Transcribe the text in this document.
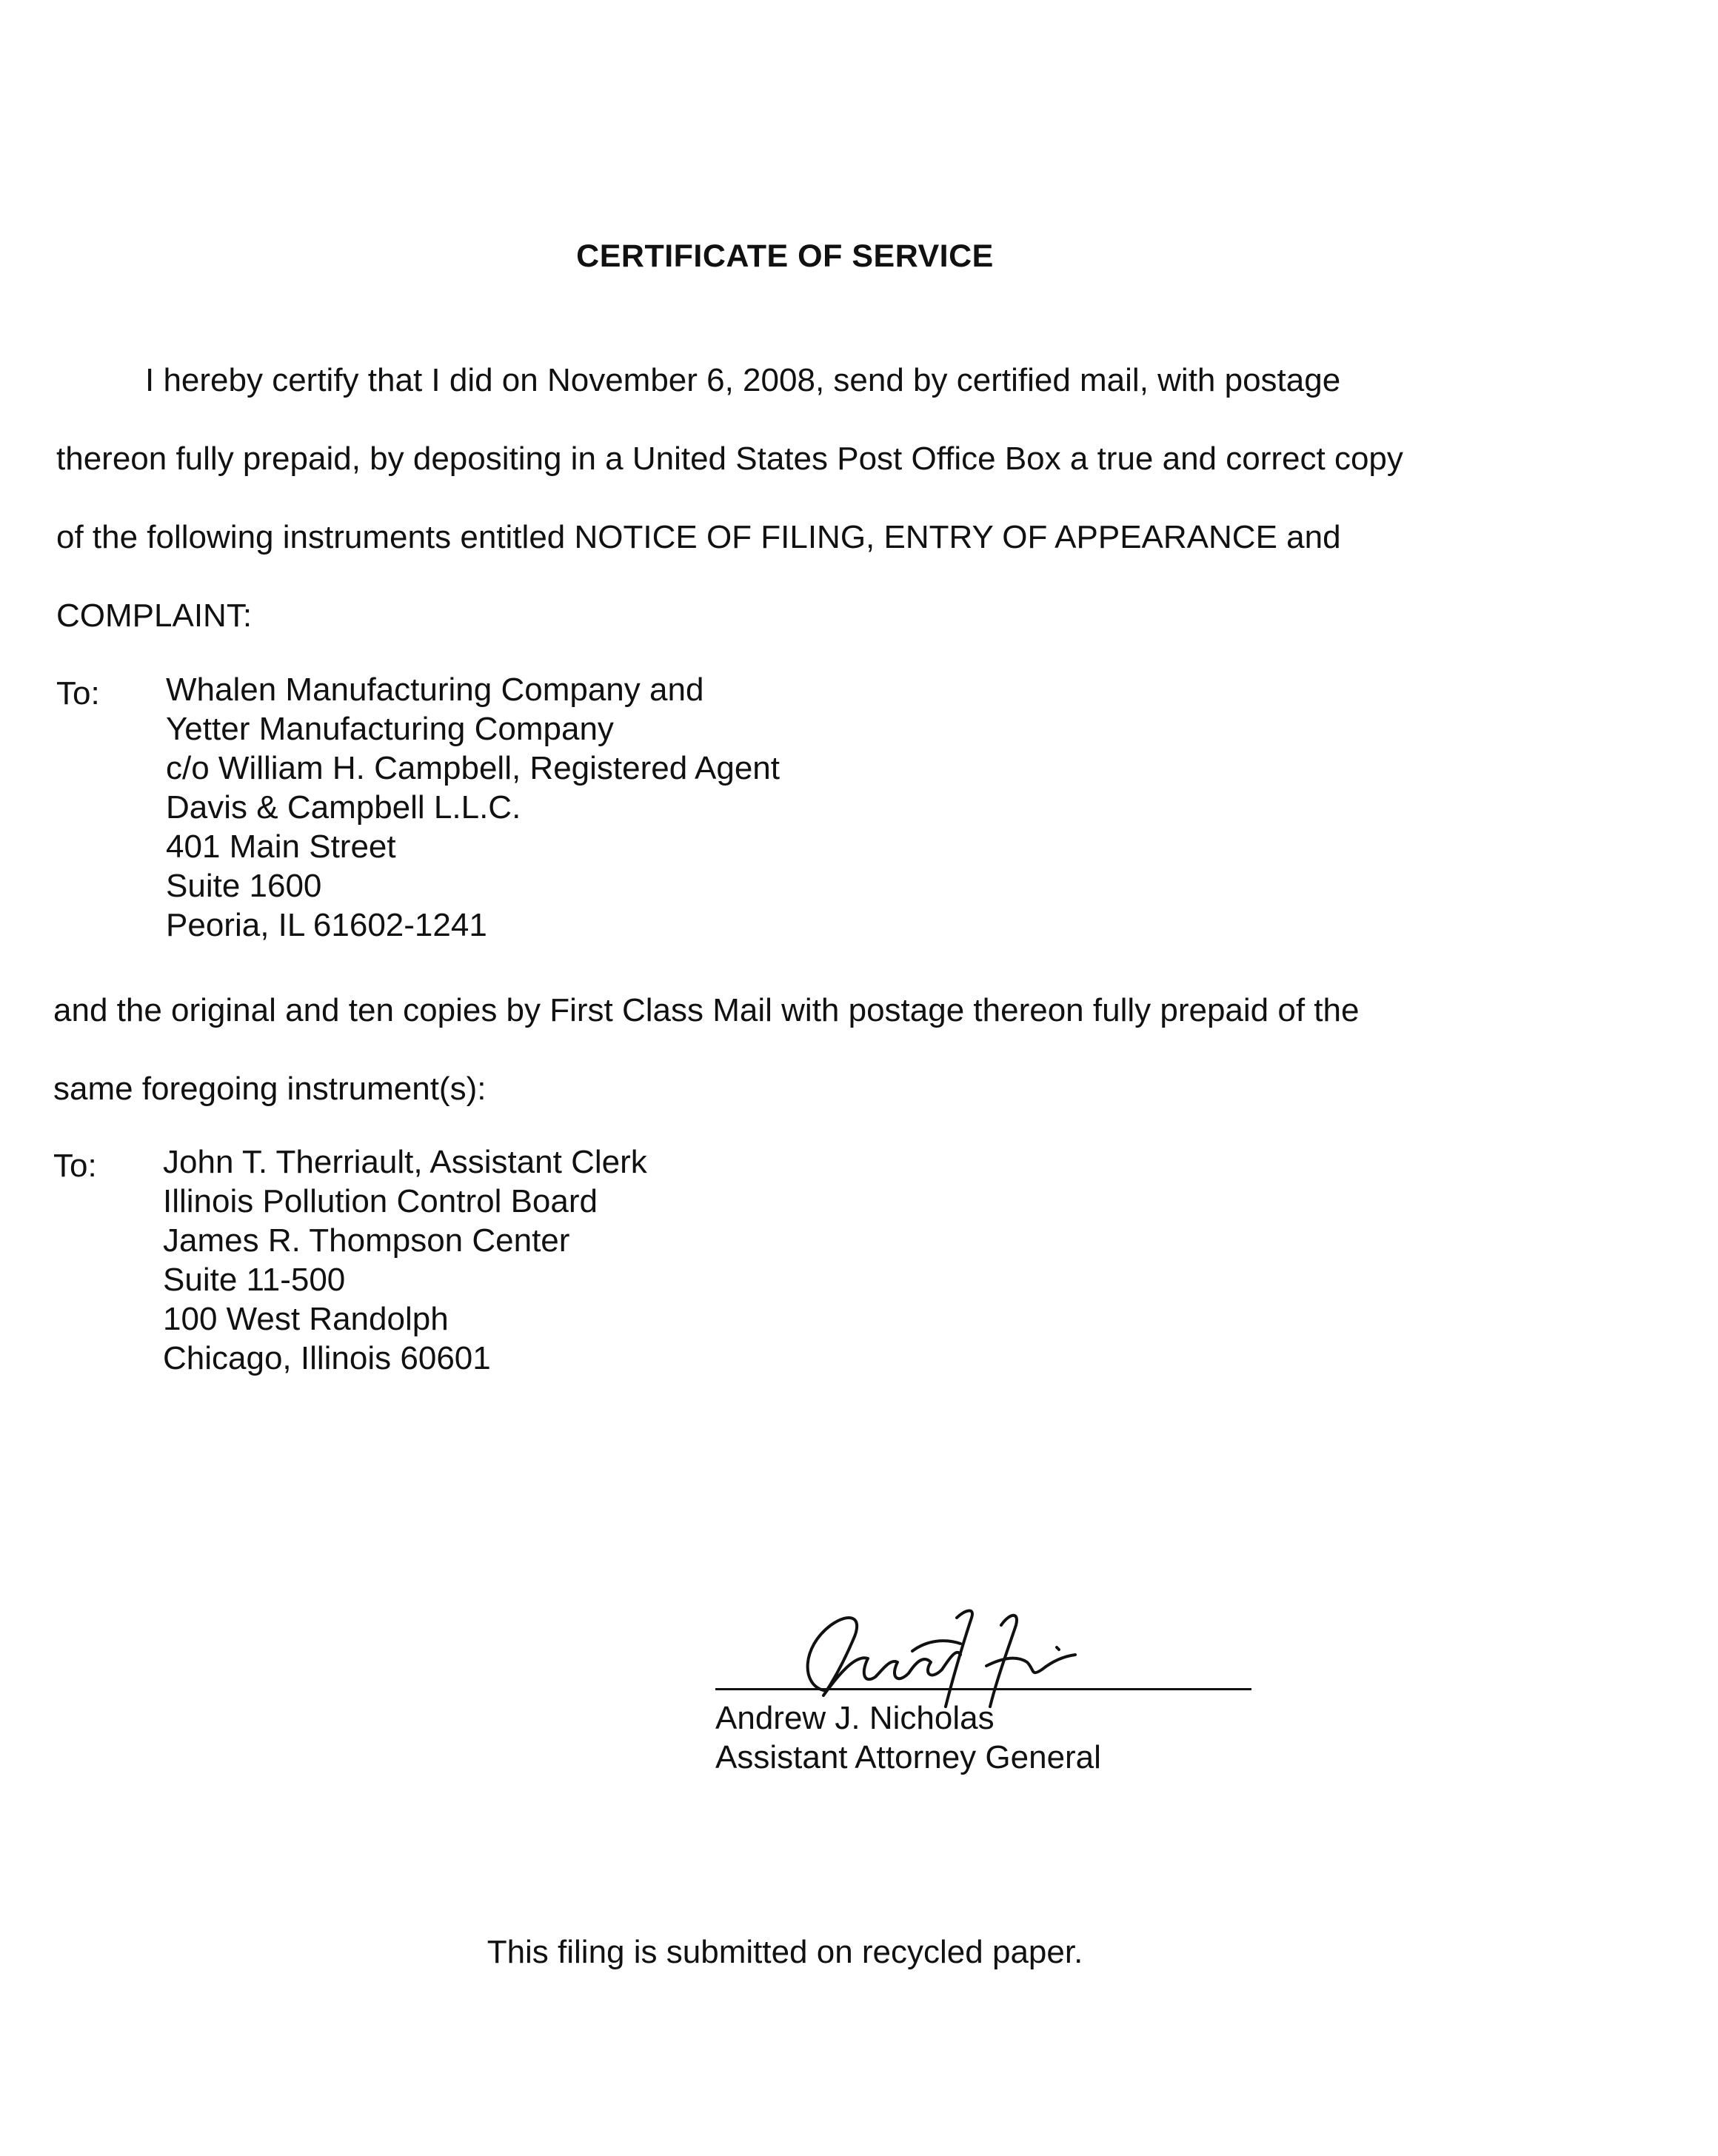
CERTIFICATE OF SERVICE

I hereby certify that I did on November 6, 2008, send by certified mail, with postage

thereon fully prepaid, by depositing in a United States Post Office Box a true and correct copy

of the following instruments entitled NOTICE OF FILING, ENTRY OF APPEARANCE and

COMPLAINT:

To: Whalen Manufacturing Company and
Yetter Manufacturing Company
c/o William H. Campbell, Registered Agent
Davis & Campbell L.L.C.
401 Main Street
Suite 1600
Peoria, IL 61602-1241

and the original and ten copies by First Class Mail with postage thereon fully prepaid of the

same foregoing instrument(s):

To: John T. Therriault, Assistant Clerk
Illinois Pollution Control Board
James R. Thompson Center
Suite 11-500
100 West Randolph
Chicago, Illinois 60601

Andrew J. Nicholas

Assistant Attorney General

This filing is submitted on recycled paper.
